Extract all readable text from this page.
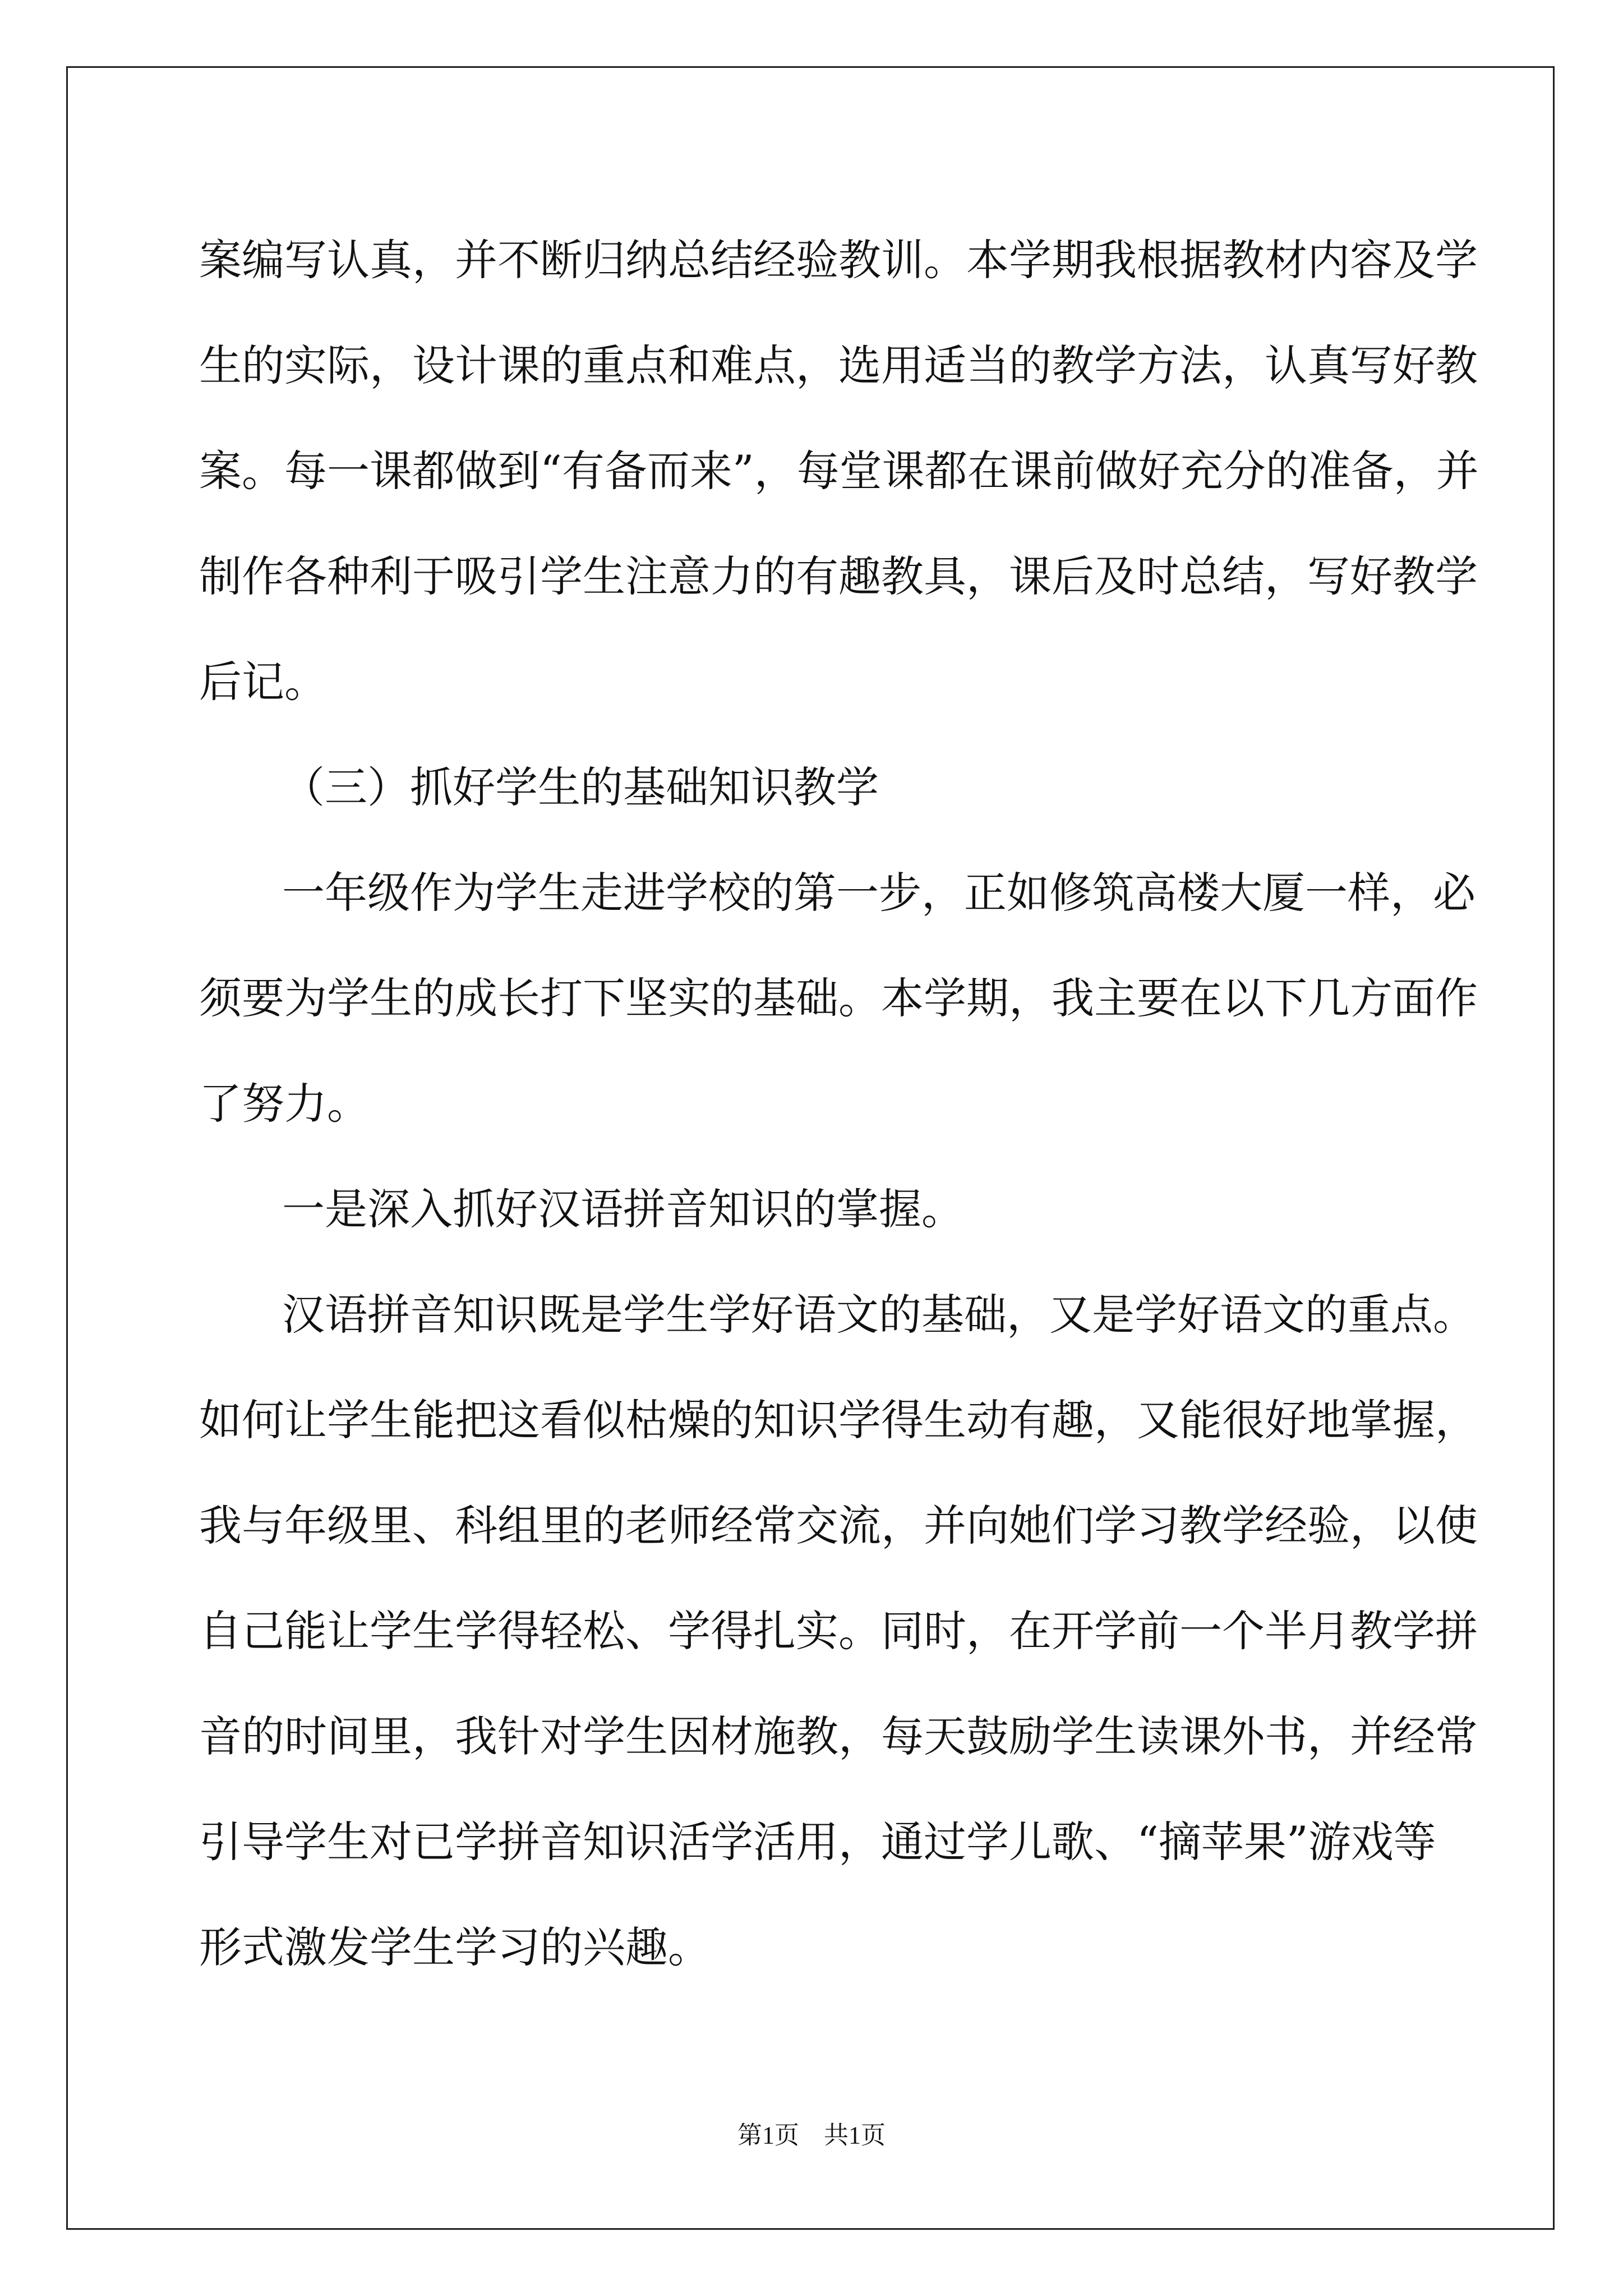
案编写认真，并不断归纳总结经验教训。本学期我根据教材内容及学
生的实际，设计课的重点和难点，选用适当的教学方法，认真写好教
案。每一课都做到“有备而来”，每堂课都在课前做好充分的准备，并
制作各种利于吸引学生注意力的有趣教具，课后及时总结，写好教学
后记。
（三）抓好学生的基础知识教学
一年级作为学生走进学校的第一步，正如修筑高楼大厦一样，必
须要为学生的成长打下坚实的基础。本学期，我主要在以下几方面作
了努力。
一是深入抓好汉语拼音知识的掌握。
汉语拼音知识既是学生学好语文的基础，又是学好语文的重点。
如何让学生能把这看似枯燥的知识学得生动有趣，又能很好地掌握，
我与年级里、科组里的老师经常交流，并向她们学习教学经验，以使
自己能让学生学得轻松、学得扎实。同时，在开学前一个半月教学拼
音的时间里，我针对学生因材施教，每天鼓励学生读课外书，并经常
引导学生对已学拼音知识活学活用，通过学儿歌、“摘苹果”游戏等
形式激发学生学习的兴趣。
第1页　共1页
